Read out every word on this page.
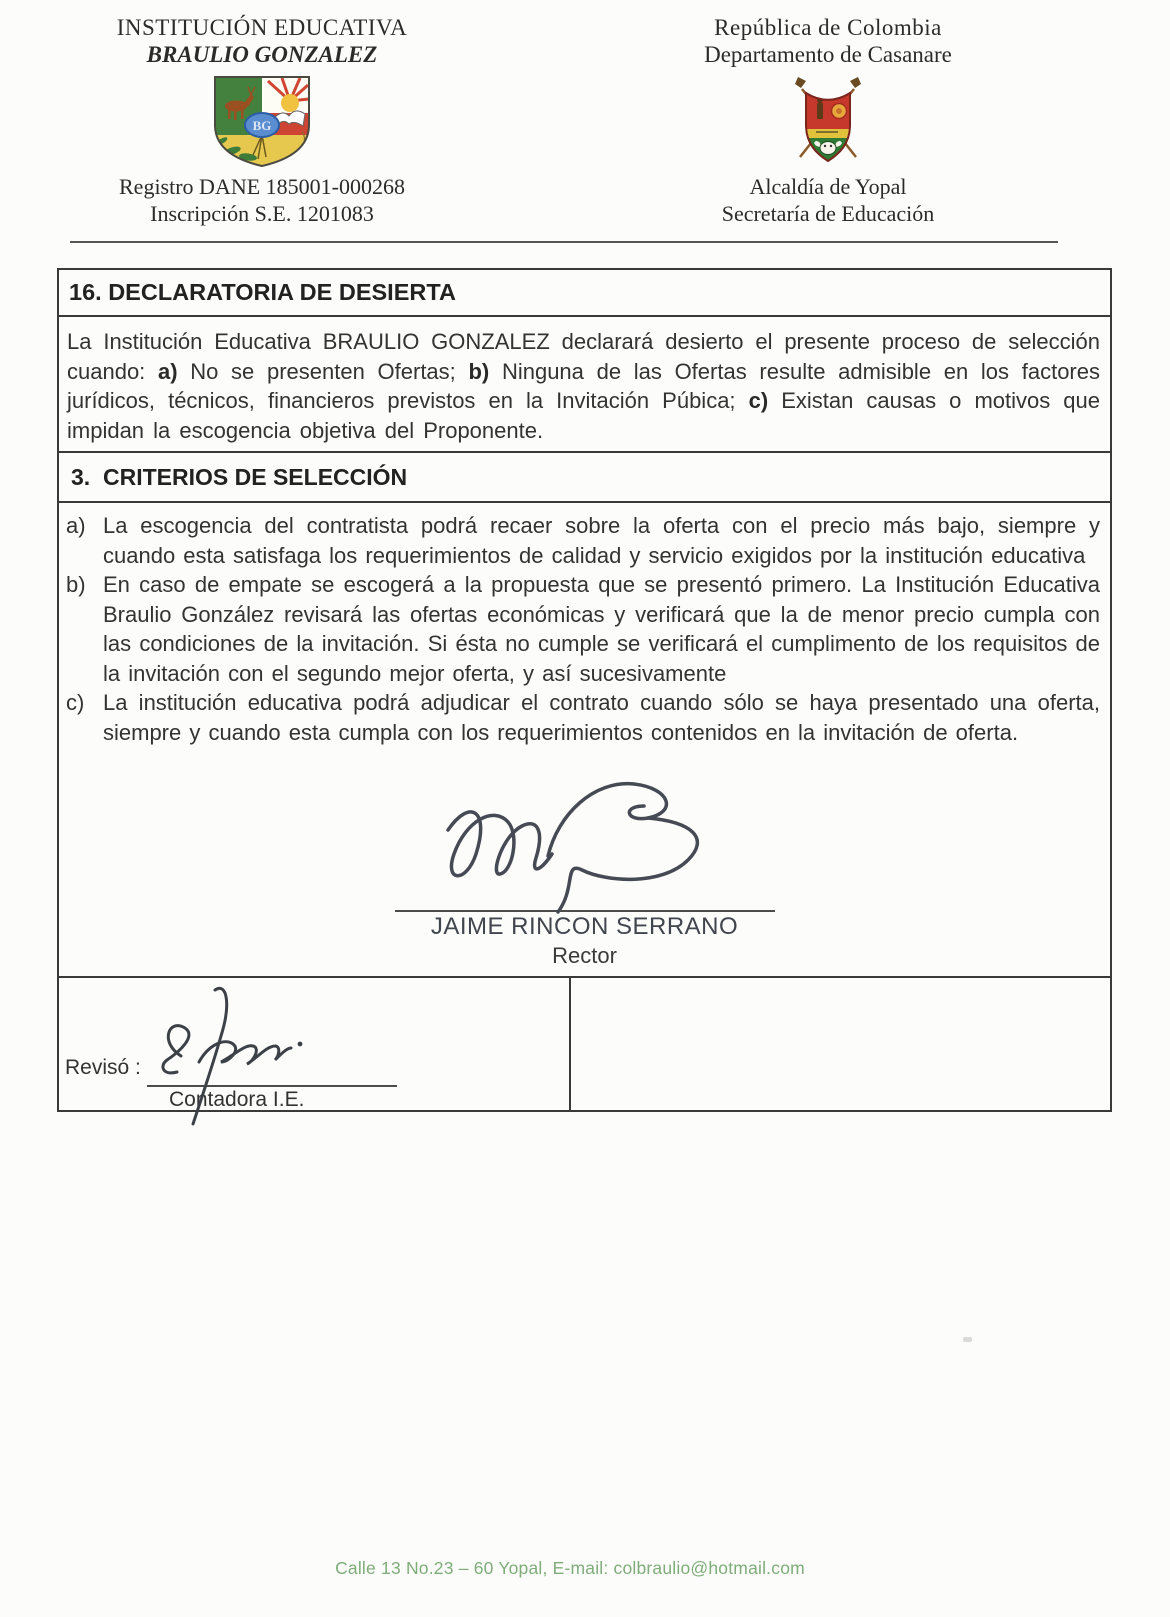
INSTITUCIÓN EDUCATIVA
BRAULIO GONZALEZ
BG
Registro DANE 185001-000268
Inscripción S.E. 1201083
República de Colombia
Departamento de Casanare
Alcaldía de Yopal
Secretaría de Educación
16. DECLARATORIA DE DESIERTA
La Institución Educativa BRAULIO GONZALEZ declarará desierto el presente proceso de selección cuando: a) No se presenten Ofertas; b) Ninguna de las Ofertas resulte admisible en los factores jurídicos, técnicos, financieros previstos en la Invitación Púbica; c) Existan causas o motivos que impidan la escogencia objetiva del Proponente.
3. CRITERIOS DE SELECCIÓN
a) La escogencia del contratista podrá recaer sobre la oferta con el precio más bajo, siempre y cuando esta satisfaga los requerimientos de calidad y servicio exigidos por la institución educativa
b) En caso de empate se escogerá a la propuesta que se presentó primero. La Institución Educativa Braulio González revisará las ofertas económicas y verificará que la de menor precio cumpla con las condiciones de la invitación. Si ésta no cumple se verificará el cumplimento de los requisitos de la invitación con el segundo mejor oferta, y así sucesivamente
c) La institución educativa podrá adjudicar el contrato cuando sólo se haya presentado una oferta, siempre y cuando esta cumpla con los requerimientos contenidos en la invitación de oferta.
JAIME RINCON SERRANO
Rector
Revisó :
Contadora I.E.
Calle 13 No.23 – 60 Yopal, E-mail: colbraulio@hotmail.com
